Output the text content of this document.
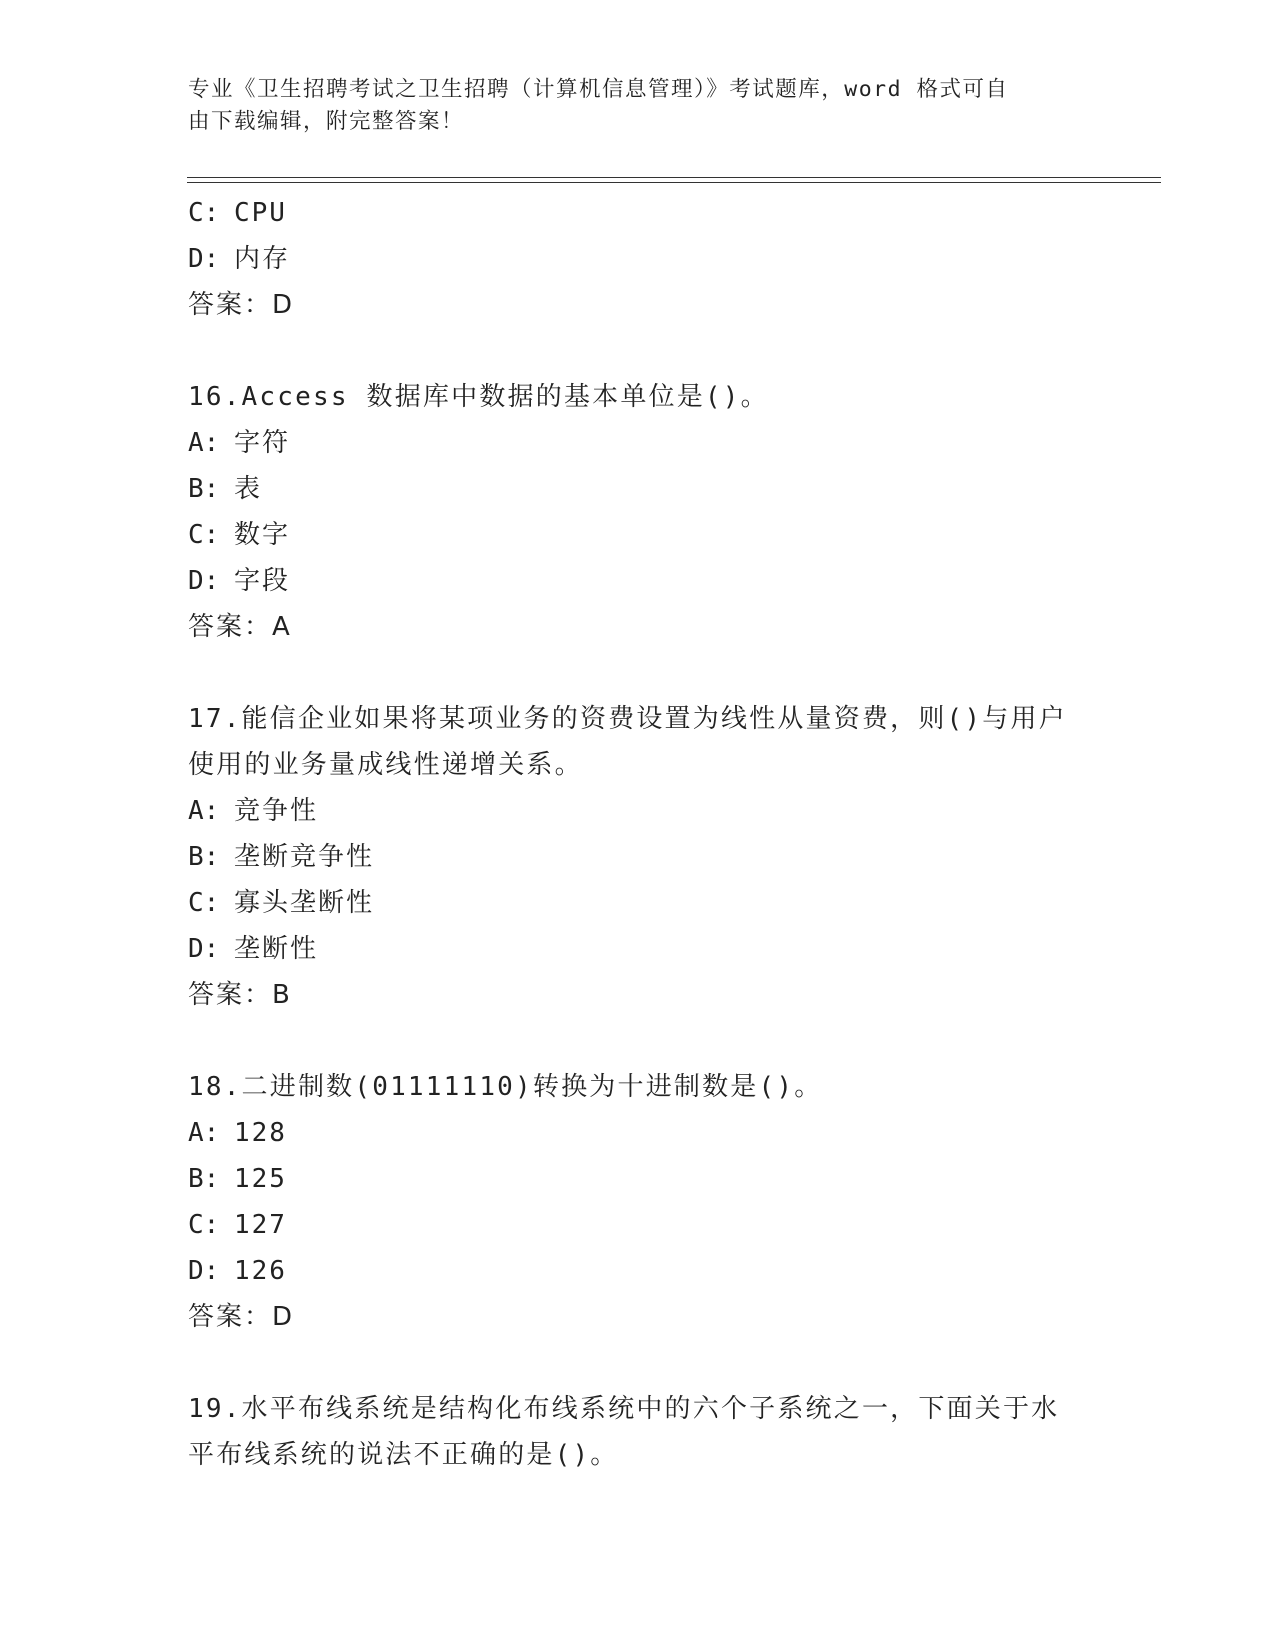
专业《卫生招聘考试之卫生招聘（计算机信息管理）》考试题库，word 格式可自
由下载编辑，附完整答案！
C: CPU
D: 内存
答案：D
16.Access 数据库中数据的基本单位是()。
A: 字符
B: 表
C: 数字
D: 字段
答案：A
17.能信企业如果将某项业务的资费设置为线性从量资费，则()与用户
使用的业务量成线性递增关系。
A: 竞争性
B: 垄断竞争性
C: 寡头垄断性
D: 垄断性
答案：B
18.二进制数(01111110)转换为十进制数是()。
A: 128
B: 125
C: 127
D: 126
答案：D
19.水平布线系统是结构化布线系统中的六个子系统之一，下面关于水
平布线系统的说法不正确的是()。
